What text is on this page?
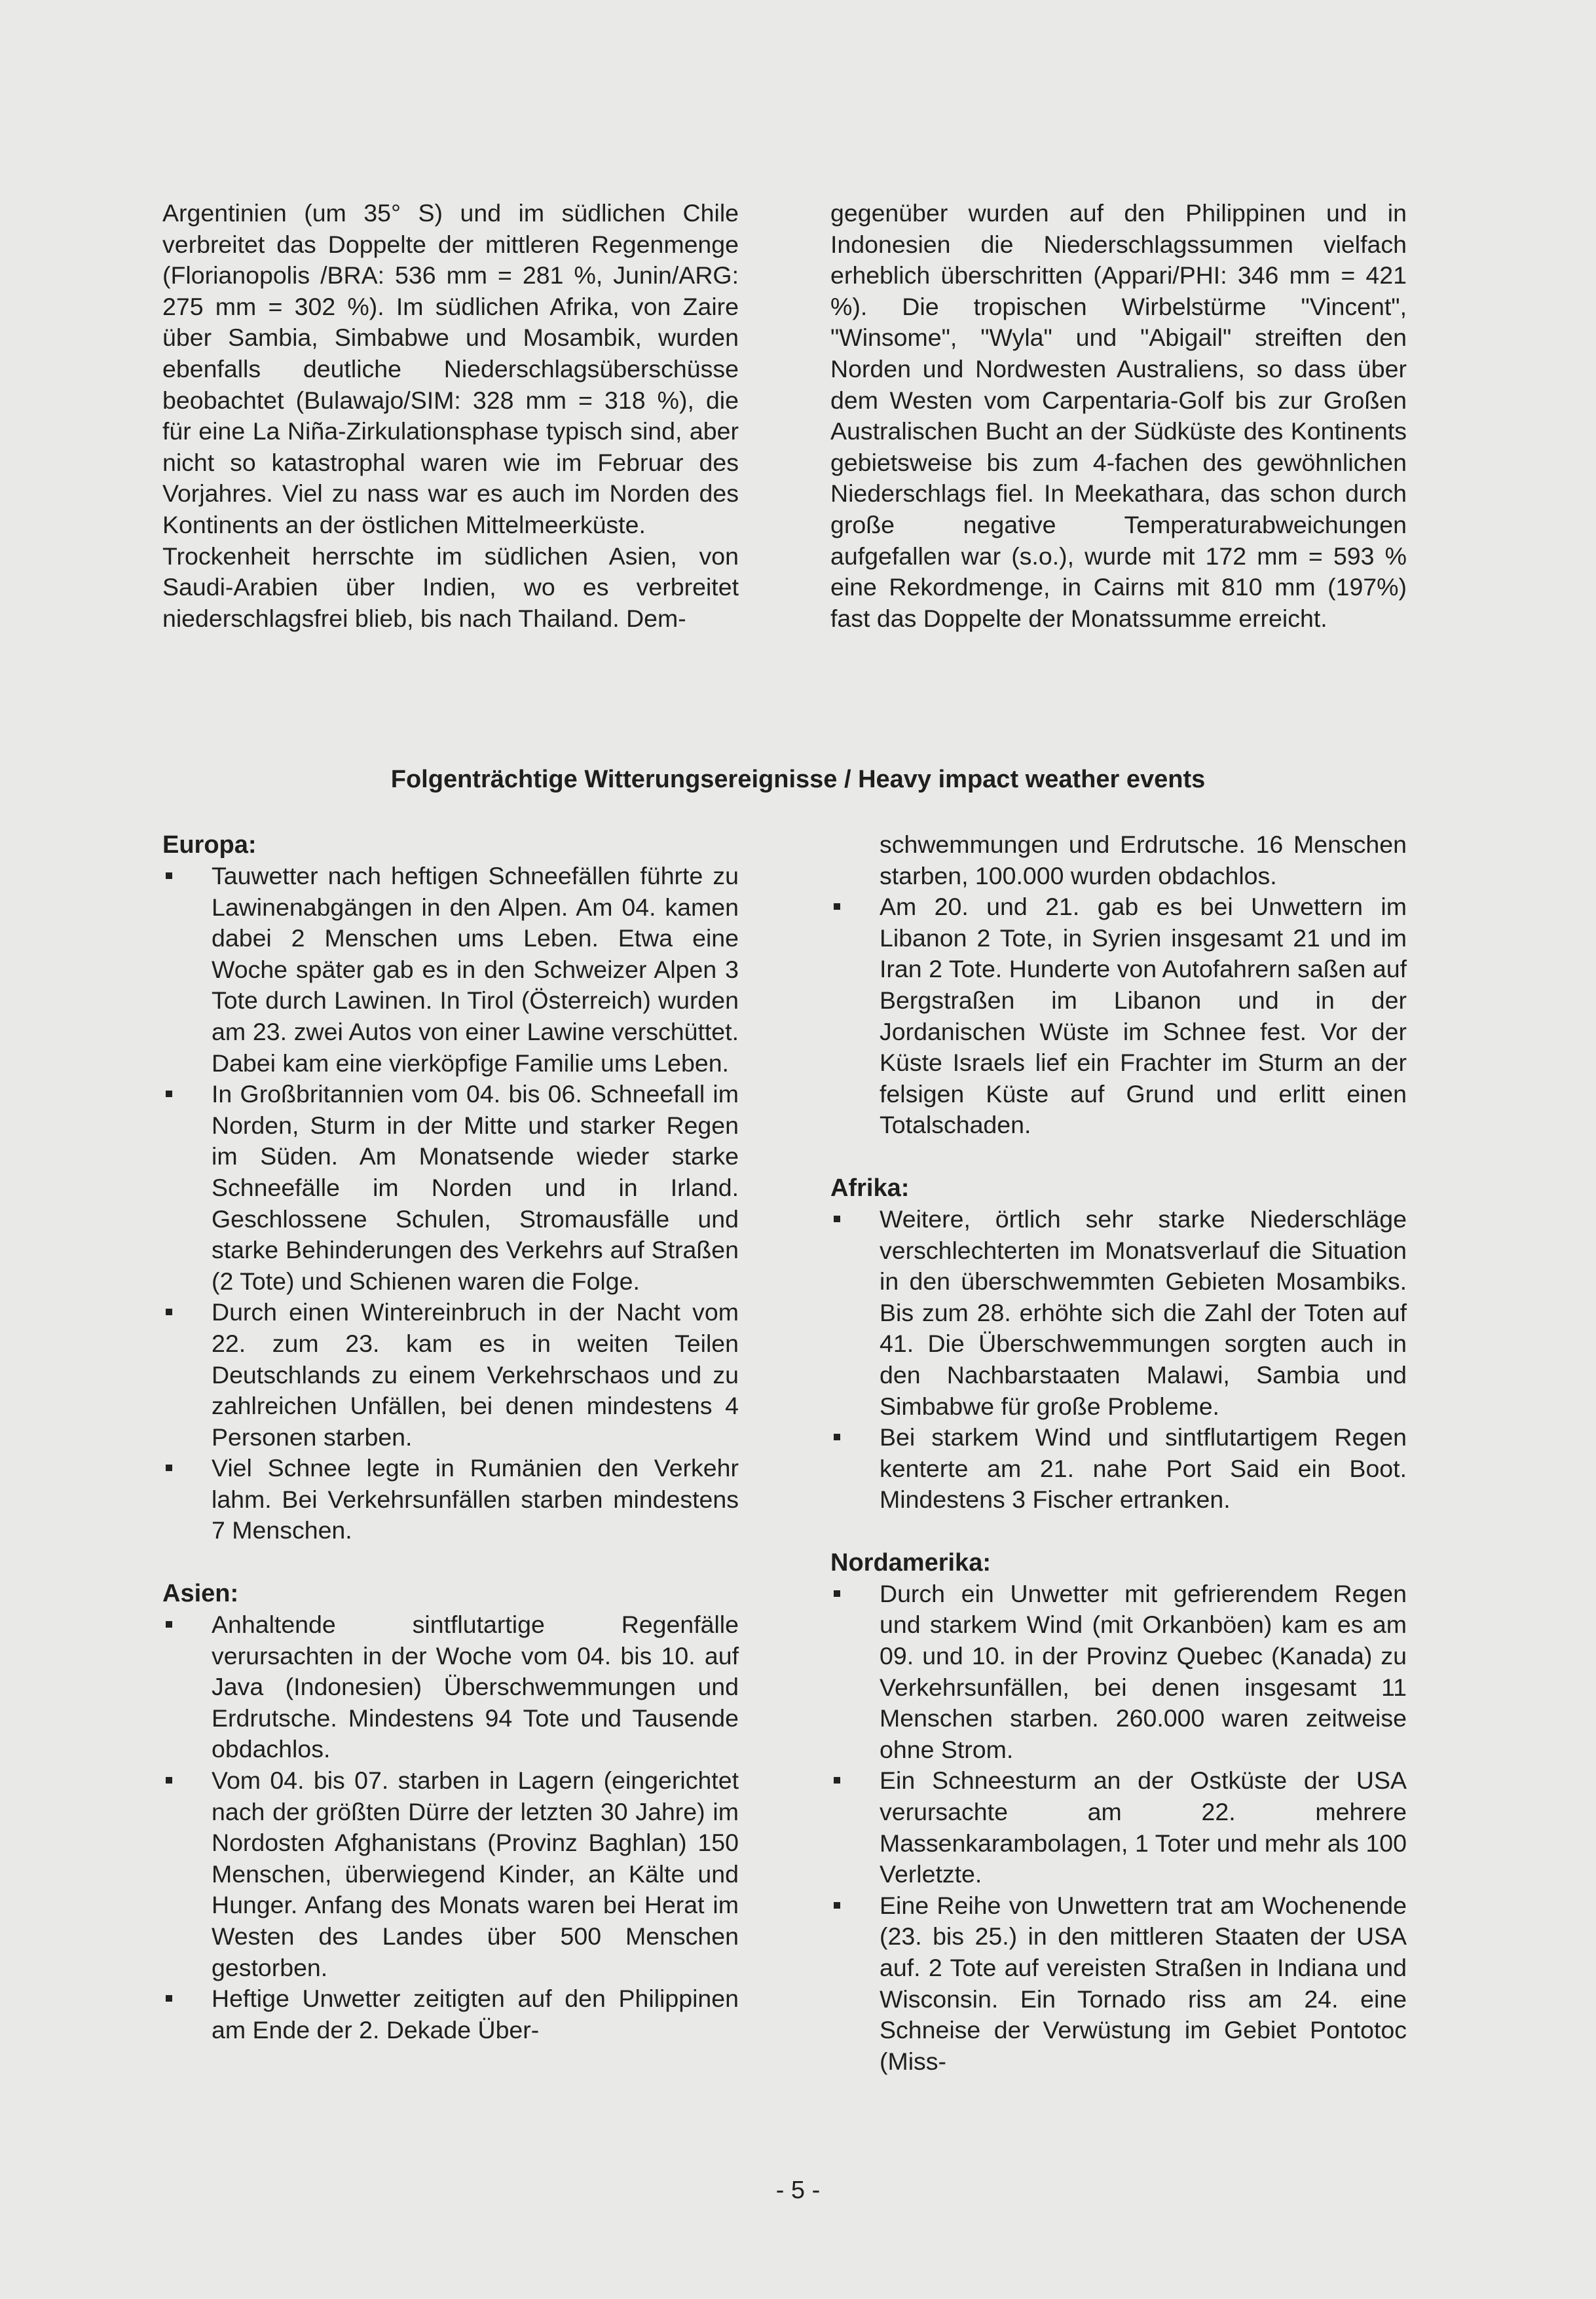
Argentinien (um 35° S) und im südlichen Chile verbreitet das Doppelte der mittleren Regenmenge (Florianopolis /BRA: 536 mm = 281 %, Junin/ARG: 275 mm = 302 %). Im südlichen Afrika, von Zaire über Sambia, Simbabwe und Mosambik, wurden ebenfalls deutliche Niederschlagsüberschüsse beobachtet (Bulawajo/SIM: 328 mm = 318 %), die für eine La Niña-Zirkulationsphase typisch sind, aber nicht so katastrophal waren wie im Februar des Vorjahres. Viel zu nass war es auch im Norden des Kontinents an der östlichen Mittelmeerküste.

Trockenheit herrschte im südlichen Asien, von Saudi-Arabien über Indien, wo es verbreitet niederschlagsfrei blieb, bis nach Thailand. Dem-

gegenüber wurden auf den Philippinen und in Indonesien die Niederschlagssummen vielfach erheblich überschritten (Appari/PHI: 346 mm = 421 %). Die tropischen Wirbelstürme "Vincent", "Winsome", "Wyla" und "Abigail" streiften den Norden und Nordwesten Australiens, so dass über dem Westen vom Carpentaria-Golf bis zur Großen Australischen Bucht an der Südküste des Kontinents gebietsweise bis zum 4-fachen des gewöhnlichen Niederschlags fiel. In Meekathara, das schon durch große negative Temperaturabweichungen aufgefallen war (s.o.), wurde mit 172 mm = 593 % eine Rekordmenge, in Cairns mit 810 mm (197%) fast das Doppelte der Monatssumme erreicht.

Folgenträchtige Witterungsereignisse / Heavy impact weather events

Europa:

Tauwetter nach heftigen Schneefällen führte zu Lawinenabgängen in den Alpen. Am 04. kamen dabei 2 Menschen ums Leben. Etwa eine Woche später gab es in den Schweizer Alpen 3 Tote durch Lawinen. In Tirol (Österreich) wurden am 23. zwei Autos von einer Lawine verschüttet. Dabei kam eine vierköpfige Familie ums Leben.
In Großbritannien vom 04. bis 06. Schneefall im Norden, Sturm in der Mitte und starker Regen im Süden. Am Monatsende wieder starke Schneefälle im Norden und in Irland. Geschlossene Schulen, Stromausfälle und starke Behinderungen des Verkehrs auf Straßen (2 Tote) und Schienen waren die Folge.
Durch einen Wintereinbruch in der Nacht vom 22. zum 23. kam es in weiten Teilen Deutschlands zu einem Verkehrschaos und zu zahlreichen Unfällen, bei denen mindestens 4 Personen starben.
Viel Schnee legte in Rumänien den Verkehr lahm. Bei Verkehrsunfällen starben mindestens 7 Menschen.

Asien:

Anhaltende sintflutartige Regenfälle verursachten in der Woche vom 04. bis 10. auf Java (Indonesien) Überschwemmungen und Erdrutsche. Mindestens 94 Tote und Tausende obdachlos.
Vom 04. bis 07. starben in Lagern (eingerichtet nach der größten Dürre der letzten 30 Jahre) im Nordosten Afghanistans (Provinz Baghlan) 150 Menschen, überwiegend Kinder, an Kälte und Hunger. Anfang des Monats waren bei Herat im Westen des Landes über 500 Menschen gestorben.
Heftige Unwetter zeitigten auf den Philippinen am Ende der 2. Dekade Über-

schwemmungen und Erdrutsche. 16 Menschen starben, 100.000 wurden obdachlos.

Am 20. und 21. gab es bei Unwettern im Libanon 2 Tote, in Syrien insgesamt 21 und im Iran 2 Tote. Hunderte von Autofahrern saßen auf Bergstraßen im Libanon und in der Jordanischen Wüste im Schnee fest. Vor der Küste Israels lief ein Frachter im Sturm an der felsigen Küste auf Grund und erlitt einen Totalschaden.

Afrika:

Weitere, örtlich sehr starke Niederschläge verschlechterten im Monatsverlauf die Situation in den überschwemmten Gebieten Mosambiks. Bis zum 28. erhöhte sich die Zahl der Toten auf 41. Die Überschwemmungen sorgten auch in den Nachbarstaaten Malawi, Sambia und Simbabwe für große Probleme.
Bei starkem Wind und sintflutartigem Regen kenterte am 21. nahe Port Said ein Boot. Mindestens 3 Fischer ertranken.

Nordamerika:

Durch ein Unwetter mit gefrierendem Regen und starkem Wind (mit Orkanböen) kam es am 09. und 10. in der Provinz Quebec (Kanada) zu Verkehrsunfällen, bei denen insgesamt 11 Menschen starben. 260.000 waren zeitweise ohne Strom.
Ein Schneesturm an der Ostküste der USA verursachte am 22. mehrere Massenkarambolagen, 1 Toter und mehr als 100 Verletzte.
Eine Reihe von Unwettern trat am Wochenende (23. bis 25.) in den mittleren Staaten der USA auf. 2 Tote auf vereisten Straßen in Indiana und Wisconsin. Ein Tornado riss am 24. eine Schneise der Verwüstung im Gebiet Pontotoc (Miss-
- 5 -
